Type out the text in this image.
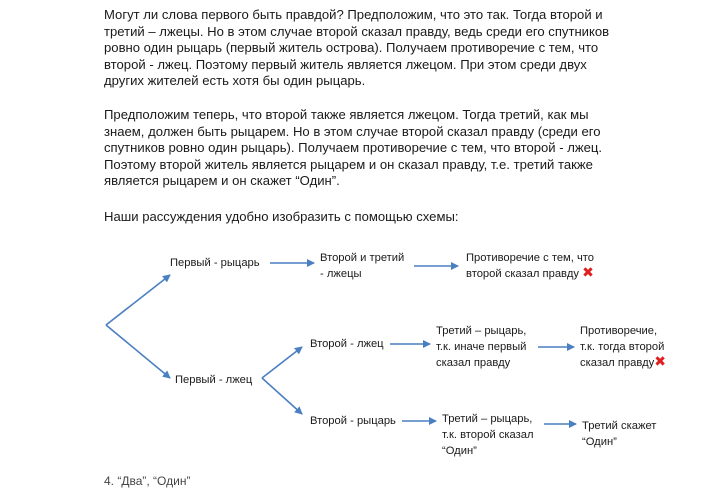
Могут ли слова первого быть правдой? Предположим, что это так. Тогда второй и
третий – лжецы. Но в этом случае второй сказал правду, ведь среди его спутников
ровно один рыцарь (первый житель острова). Получаем противоречие с тем, что
второй - лжец. Поэтому первый житель является лжецом. При этом среди двух
других жителей есть хотя бы один рыцарь.

Предположим теперь, что второй также является лжецом. Тогда третий, как мы
знаем, должен быть рыцарем. Но в этом случае второй сказал правду (среди его
спутников ровно один рыцарь). Получаем противоречие с тем, что второй - лжец.
Поэтому второй житель является рыцарем и он сказал правду, т.е. третий также
является рыцарем и он скажет “Один”.

Наши рассуждения удобно изобразить с помощью схемы:

Первый - рыцарь	Второй и третий
- лжецы
Противоречие с тем, что
второй сказал правду ✖
Первый - лжец
Второй - лжец
Третий – рыцарь,
т.к. иначе первый
сказал правду
Противоречие,
т.к. тогда второй
сказал правду✖
Второй - рыцарь	Третий – рыцарь,
т.к. второй сказал
“Один”
Третий скажет
“Один”
4. “Два”, “Один”
